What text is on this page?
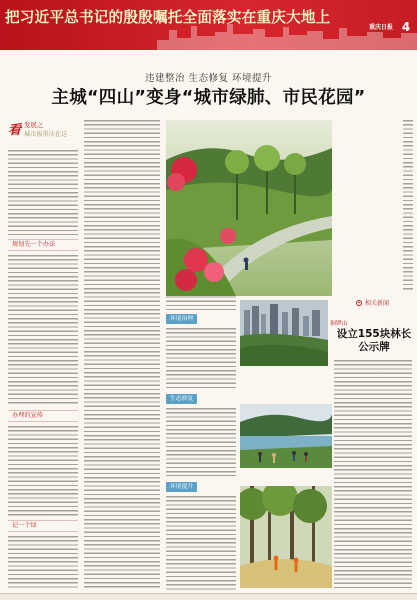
把习近平总书记的殷殷嘱托全面落实在重庆大地上
重庆日报 4
违建整治 生态修复 环境提升
主城“四山”变身“城市绿肺、市民花园”
看 发展之
城市报重庆在这
规划先一个办法
办理的宣传
记一个绿
环境治理
生态修复
环境提升
相关新闻
铜锣山
设立155块林长公示牌
